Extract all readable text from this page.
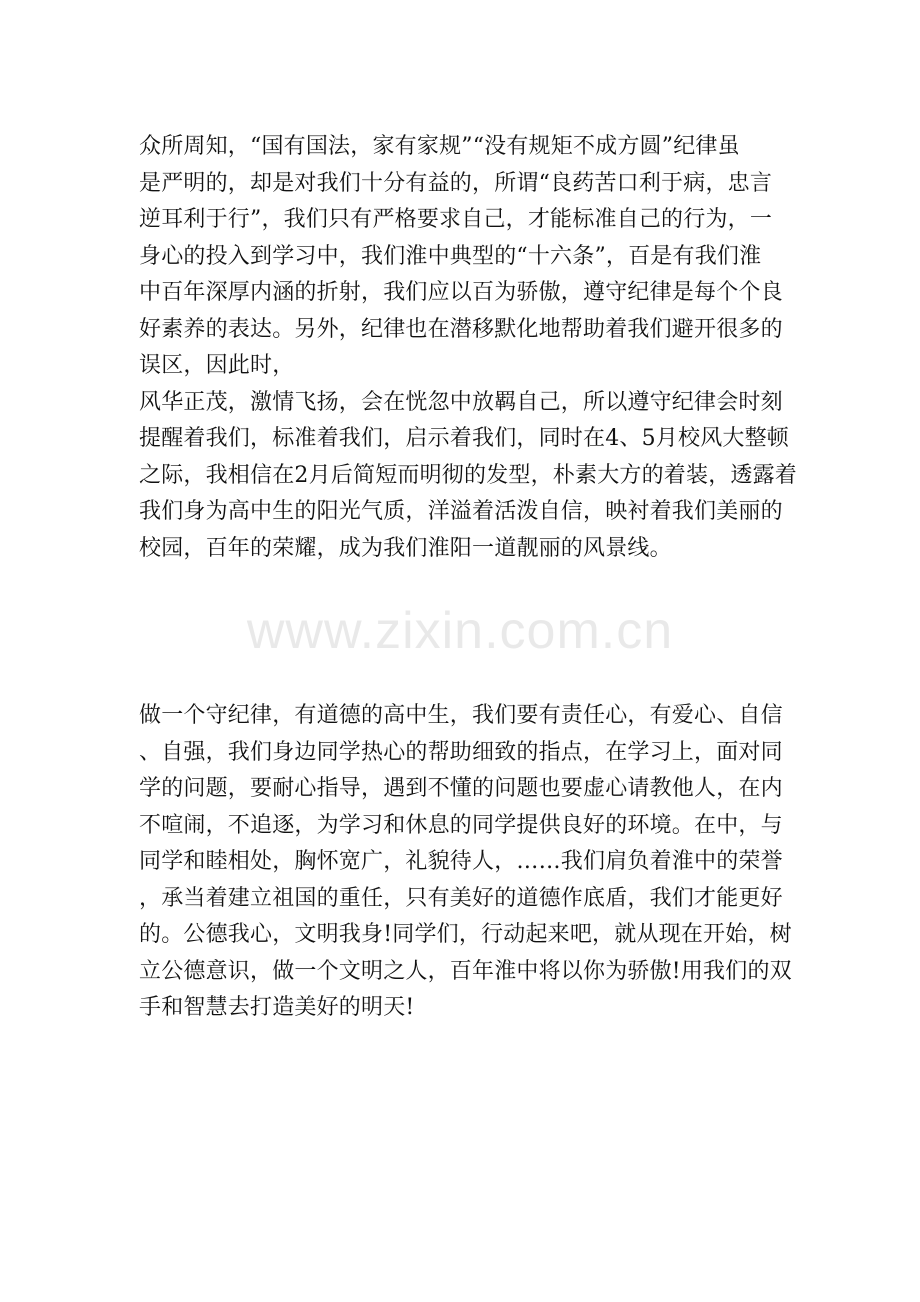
众所周知，“国有国法，家有家规”“没有规矩不成方圆”纪律虽
是严明的，却是对我们十分有益的，所谓“良药苦口利于病，忠言
逆耳利于行”，我们只有严格要求自己，才能标准自己的行为，一
身心的投入到学习中，我们淮中典型的“十六条”，百是有我们淮
中百年深厚内涵的折射，我们应以百为骄傲，遵守纪律是每个个良
好素养的表达。另外，纪律也在潜移默化地帮助着我们避开很多的
误区，因此时，
风华正茂，激情飞扬，会在恍忽中放羁自己，所以遵守纪律会时刻
提醒着我们，标准着我们，启示着我们，同时在4、5月校风大整顿
之际，我相信在2月后简短而明彻的发型，朴素大方的着装，透露着
我们身为高中生的阳光气质，洋溢着活泼自信，映衬着我们美丽的
校园，百年的荣耀，成为我们淮阳一道靓丽的风景线。
www.zixin.com.cn
做一个守纪律，有道德的高中生，我们要有责任心，有爱心、自信
、自强，我们身边同学热心的帮助细致的指点，在学习上，面对同
学的问题，要耐心指导，遇到不懂的问题也要虚心请教他人，在内
不喧闹，不追逐，为学习和休息的同学提供良好的环境。在中，与
同学和睦相处，胸怀宽广，礼貌待人，……我们肩负着淮中的荣誉
，承当着建立祖国的重任，只有美好的道德作底盾，我们才能更好
的。公德我心，文明我身!同学们，行动起来吧，就从现在开始，树
立公德意识，做一个文明之人，百年淮中将以你为骄傲!用我们的双
手和智慧去打造美好的明天!
